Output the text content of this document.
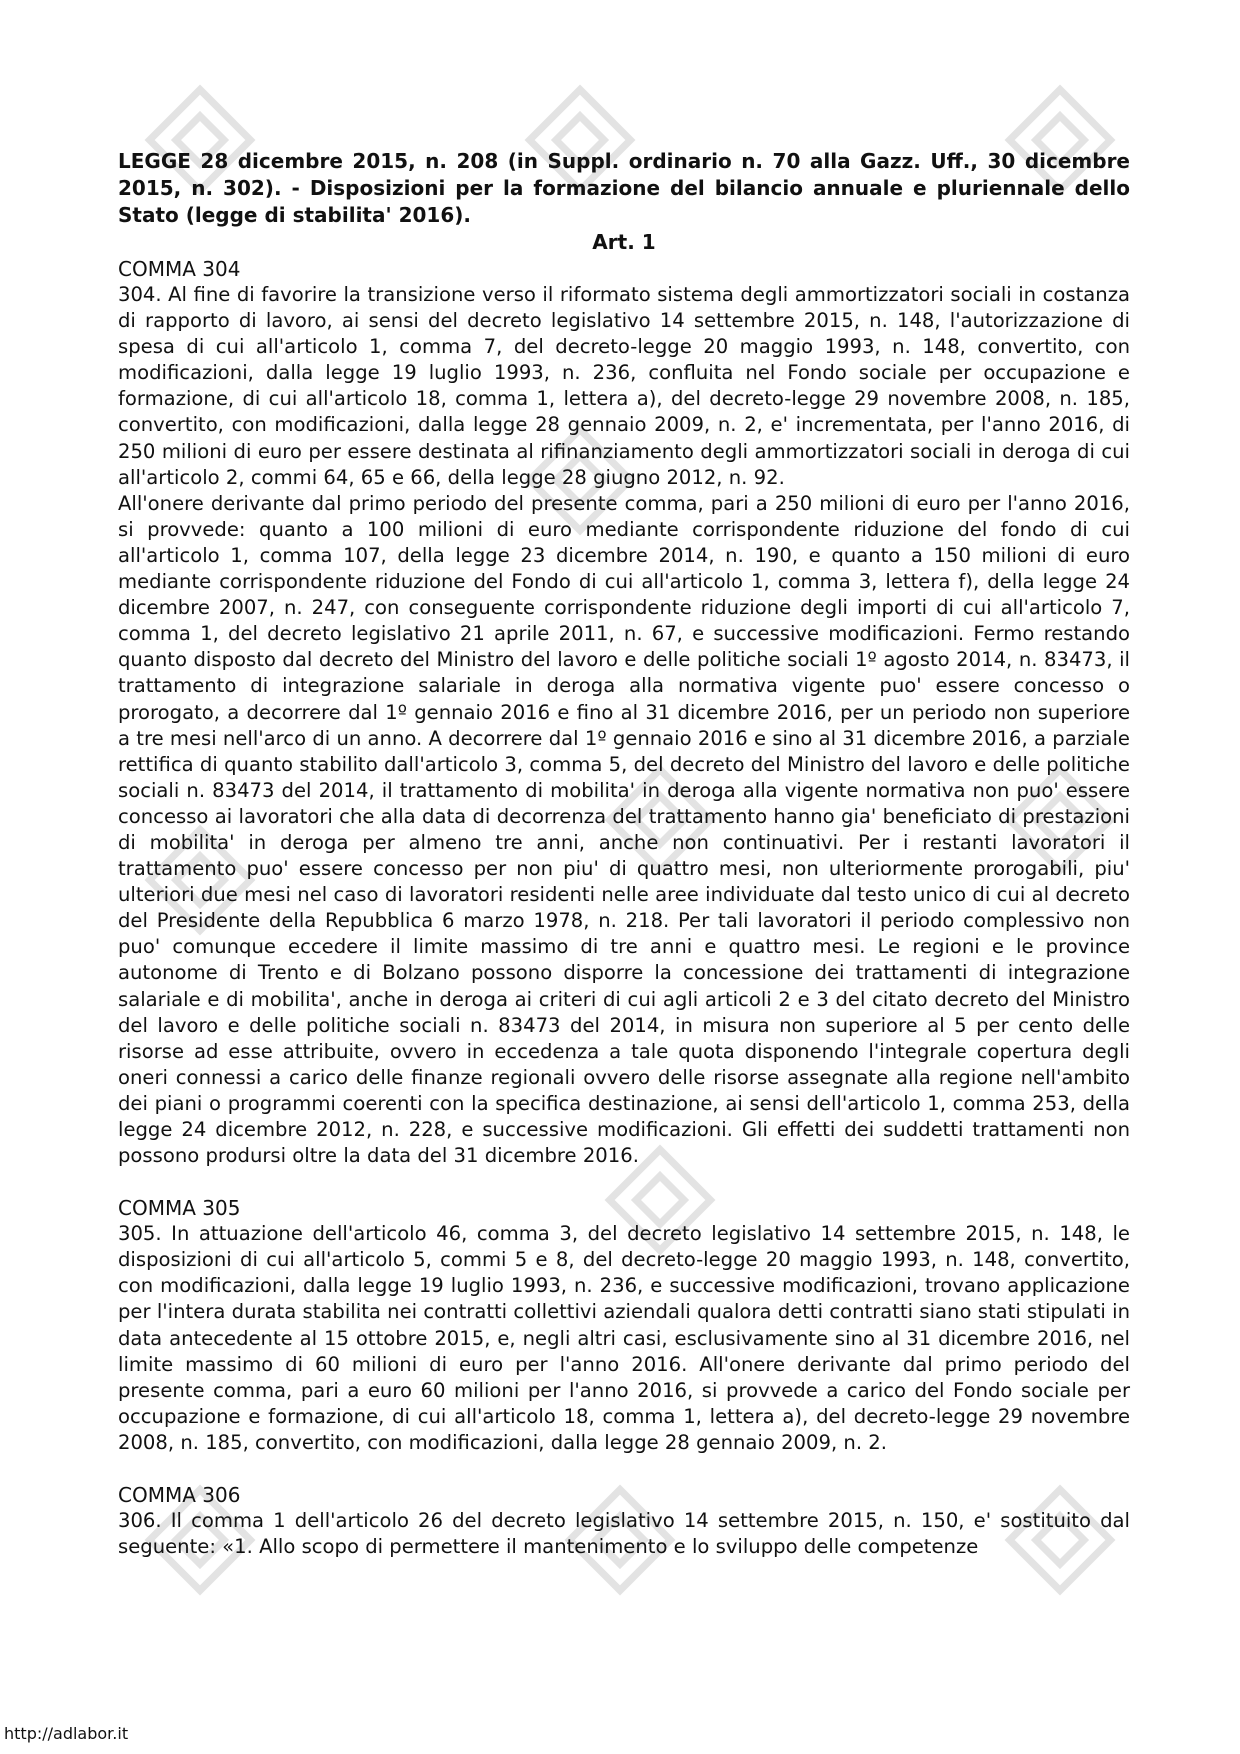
LEGGE 28 dicembre 2015, n. 208 (in Suppl. ordinario n. 70 alla Gazz. Uff., 30 dicembre 2015, n. 302). - Disposizioni per la formazione del bilancio annuale e pluriennale dello Stato (legge di stabilita' 2016).

Art. 1

COMMA 304

304. Al fine di favorire la transizione verso il riformato sistema degli ammortizzatori sociali in costanza di rapporto di lavoro, ai sensi del decreto legislativo 14 settembre 2015, n. 148, l'autorizzazione di spesa di cui all'articolo 1, comma 7, del decreto-legge 20 maggio 1993, n. 148, convertito, con modificazioni, dalla legge 19 luglio 1993, n. 236, confluita nel Fondo sociale per occupazione e formazione, di cui all'articolo 18, comma 1, lettera a), del decreto-legge 29 novembre 2008, n. 185, convertito, con modificazioni, dalla legge 28 gennaio 2009, n. 2, e' incrementata, per l'anno 2016, di 250 milioni di euro per essere destinata al rifinanziamento degli ammortizzatori sociali in deroga di cui all'articolo 2, commi 64, 65 e 66, della legge 28 giugno 2012, n. 92.

All'onere derivante dal primo periodo del presente comma, pari a 250 milioni di euro per l'anno 2016, si provvede: quanto a 100 milioni di euro mediante corrispondente riduzione del fondo di cui all'articolo 1, comma 107, della legge 23 dicembre 2014, n. 190, e quanto a 150 milioni di euro mediante corrispondente riduzione del Fondo di cui all'articolo 1, comma 3, lettera f), della legge 24 dicembre 2007, n. 247, con conseguente corrispondente riduzione degli importi di cui all'articolo 7, comma 1, del decreto legislativo 21 aprile 2011, n. 67, e successive modificazioni. Fermo restando quanto disposto dal decreto del Ministro del lavoro e delle politiche sociali 1º agosto 2014, n. 83473, il trattamento di integrazione salariale in deroga alla normativa vigente puo' essere concesso o prorogato, a decorrere dal 1º gennaio 2016 e fino al 31 dicembre 2016, per un periodo non superiore a tre mesi nell'arco di un anno. A decorrere dal 1º gennaio 2016 e sino al 31 dicembre 2016, a parziale rettifica di quanto stabilito dall'articolo 3, comma 5, del decreto del Ministro del lavoro e delle politiche sociali n. 83473 del 2014, il trattamento di mobilita' in deroga alla vigente normativa non puo' essere concesso ai lavoratori che alla data di decorrenza del trattamento hanno gia' beneficiato di prestazioni di mobilita' in deroga per almeno tre anni, anche non continuativi. Per i restanti lavoratori il trattamento puo' essere concesso per non piu' di quattro mesi, non ulteriormente prorogabili, piu' ulteriori due mesi nel caso di lavoratori residenti nelle aree individuate dal testo unico di cui al decreto del Presidente della Repubblica 6 marzo 1978, n. 218. Per tali lavoratori il periodo complessivo non puo' comunque eccedere il limite massimo di tre anni e quattro mesi. Le regioni e le province autonome di Trento e di Bolzano possono disporre la concessione dei trattamenti di integrazione salariale e di mobilita', anche in deroga ai criteri di cui agli articoli 2 e 3 del citato decreto del Ministro del lavoro e delle politiche sociali n. 83473 del 2014, in misura non superiore al 5 per cento delle risorse ad esse attribuite, ovvero in eccedenza a tale quota disponendo l'integrale copertura degli oneri connessi a carico delle finanze regionali ovvero delle risorse assegnate alla regione nell'ambito dei piani o programmi coerenti con la specifica destinazione, ai sensi dell'articolo 1, comma 253, della legge 24 dicembre 2012, n. 228, e successive modificazioni. Gli effetti dei suddetti trattamenti non possono prodursi oltre la data del 31 dicembre 2016.

COMMA 305

305. In attuazione dell'articolo 46, comma 3, del decreto legislativo 14 settembre 2015, n. 148, le disposizioni di cui all'articolo 5, commi 5 e 8, del decreto-legge 20 maggio 1993, n. 148, convertito, con modificazioni, dalla legge 19 luglio 1993, n. 236, e successive modificazioni, trovano applicazione per l'intera durata stabilita nei contratti collettivi aziendali qualora detti contratti siano stati stipulati in data antecedente al 15 ottobre 2015, e, negli altri casi, esclusivamente sino al 31 dicembre 2016, nel limite massimo di 60 milioni di euro per l'anno 2016. All'onere derivante dal primo periodo del presente comma, pari a euro 60 milioni per l'anno 2016, si provvede a carico del Fondo sociale per occupazione e formazione, di cui all'articolo 18, comma 1, lettera a), del decreto-legge 29 novembre 2008, n. 185, convertito, con modificazioni, dalla legge 28 gennaio 2009, n. 2.

COMMA 306

306. Il comma 1 dell'articolo 26 del decreto legislativo 14 settembre 2015, n. 150, e' sostituito dal seguente: «1. Allo scopo di permettere il mantenimento e lo sviluppo delle competenze

http://adlabor.it
